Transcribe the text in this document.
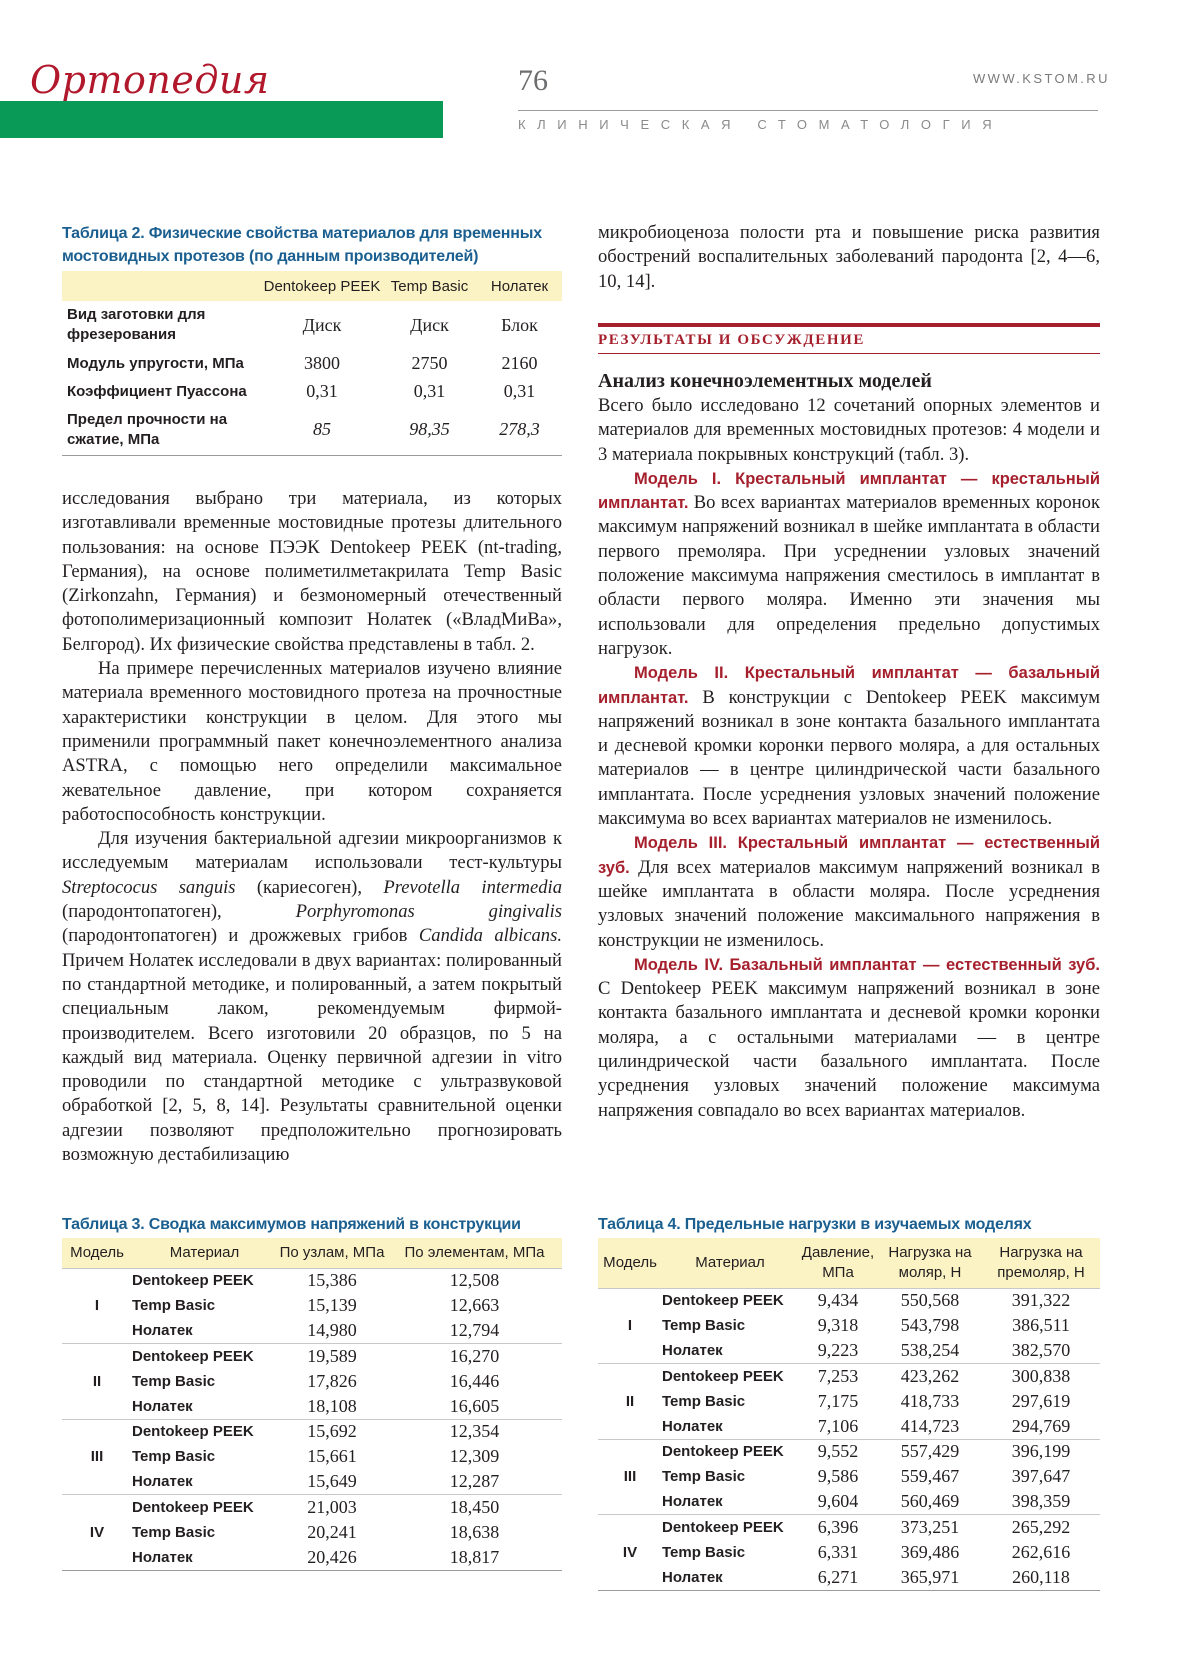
Ортопедия	76	WWW.KSTOM.RU
КЛИНИЧЕСКАЯ СТОМАТОЛОГИЯ
Таблица 2. Физические свойства материалов для временных мостовидных протезов (по данным производителей)
	Dentokeep PEEK	Temp Basic	Нолатек
Вид заготовки для фрезерования	Диск	Диск	Блок
Модуль упругости, МПа	3800	2750	2160
Коэффициент Пуассона	0,31	0,31	0,31
Предел прочности на сжатие, МПа	85	98,35	278,3

исследования выбрано три материала, из которых изготавливали временные мостовидные протезы длительного пользования: на основе ПЭЭК Dentokeep PEEK (nt-trading, Германия), на основе полиметилметакрилата Temp Basic (Zirkonzahn, Германия) и безмономерный отечественный фотополимеризационный композит Нолатек («ВладМиВа», Белгород). Их физические свойства представлены в табл. 2.

На примере перечисленных материалов изучено влияние материала временного мостовидного протеза на прочностные характеристики конструкции в целом. Для этого мы применили программный пакет конечноэлементного анализа ASTRA, с помощью него определили максимальное жевательное давление, при котором сохраняется работоспособность конструкции.

Для изучения бактериальной адгезии микроорганизмов к исследуемым материалам использовали тест-культуры Streptococus sanguis (кариесоген), Prevotella intermedia (пародонтопатоген), Porphyromonas gingivalis (пародонтопатоген) и дрожжевых грибов Candida albicans. Причем Нолатек исследовали в двух вариантах: полированный по стандартной методике, и полированный, а затем покрытый специальным лаком, рекомендуемым фирмой-производителем. Всего изготовили 20 образцов, по 5 на каждый вид материала. Оценку первичной адгезии in vitro проводили по стандартной методике с ультразвуковой обработкой [2, 5, 8, 14]. Результаты сравнительной оценки адгезии позволяют предположительно прогнозировать возможную дестабилизацию

микробиоценоза полости рта и повышение риска развития обострений воспалительных заболеваний пародонта [2, 4—6, 10, 14].
РЕЗУЛЬТАТЫ И ОБСУЖДЕНИЕ
Анализ конечноэлементных моделей

Всего было исследовано 12 сочетаний опорных элементов и материалов для временных мостовидных протезов: 4 модели и 3 материала покрывных конструкций (табл. 3).

Модель I. Крестальный имплантат — крестальный имплантат. Во всех вариантах материалов временных коронок максимум напряжений возникал в шейке имплантата в области первого премоляра. При усреднении узловых значений положение максимума напряжения сместилось в имплантат в области первого моляра. Именно эти значения мы использовали для определения предельно допустимых нагрузок.

Модель II. Крестальный имплантат — базальный имплантат. В конструкции с Dentokeep PEEK максимум напряжений возникал в зоне контакта базального имплантата и десневой кромки коронки первого моляра, а для остальных материалов — в центре цилиндрической части базального имплантата. После усреднения узловых значений положение максимума во всех вариантах материалов не изменилось.

Модель III. Крестальный имплантат — естественный зуб. Для всех материалов максимум напряжений возникал в шейке имплантата в области моляра. После усреднения узловых значений положение максимального напряжения в конструкции не изменилось.

Модель IV. Базальный имплантат — естественный зуб. С Dentokeep PEEK максимум напряжений возникал в зоне контакта базального имплантата и десневой кромки коронки моляра, а с остальными материалами — в центре цилиндрической части базального имплантата. После усреднения узловых значений положение максимума напряжения совпадало во всех вариантах материалов.

Таблица 3. Сводка максимумов напряжений в конструкции
Модель	Материал	По узлам, МПа	По элементам, МПа
I	Dentokeep PEEK	15,386	12,508
	Temp Basic	15,139	12,663
	Нолатек	14,980	12,794
II	Dentokeep PEEK	19,589	16,270
	Temp Basic	17,826	16,446
	Нолатек	18,108	16,605
III	Dentokeep PEEK	15,692	12,354
	Temp Basic	15,661	12,309
	Нолатек	15,649	12,287
IV	Dentokeep PEEK	21,003	18,450
	Temp Basic	20,241	18,638
	Нолатек	20,426	18,817
Таблица 4. Предельные нагрузки в изучаемых моделях
Модель	Материал	Давление, МПа	Нагрузка на моляр, Н	Нагрузка на премоляр, Н
I	Dentokeep PEEK	9,434	550,568	391,322
	Temp Basic	9,318	543,798	386,511
	Нолатек	9,223	538,254	382,570
II	Dentokeep PEEK	7,253	423,262	300,838
	Temp Basic	7,175	418,733	297,619
	Нолатек	7,106	414,723	294,769
III	Dentokeep PEEK	9,552	557,429	396,199
	Temp Basic	9,586	559,467	397,647
	Нолатек	9,604	560,469	398,359
IV	Dentokeep PEEK	6,396	373,251	265,292
	Temp Basic	6,331	369,486	262,616
	Нолатек	6,271	365,971	260,118
